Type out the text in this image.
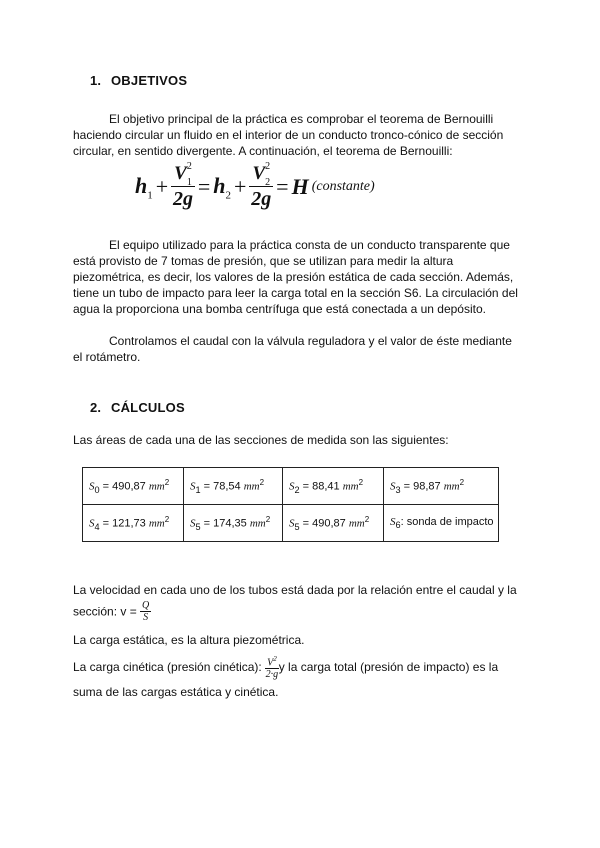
1. OBJETIVOS
El objetivo principal de la práctica es comprobar el teorema de Bernouilli haciendo circular un fluido en el interior de un conducto tronco-cónico de sección circular, en sentido divergente. A continuación, el teorema de Bernouilli:
$h_1 + V$ 2
1
$2g = h_2 + V$ 2
2
2g = H (constante)
El equipo utilizado para la práctica consta de un conducto transparente que está provisto de 7 tomas de presión, que se utilizan para medir la altura piezométrica, es decir, los valores de la presión estática de cada sección. Además, tiene un tubo de impacto para leer la carga total en la sección S6. La circulación del agua la proporciona una bomba centrífuga que está conectada a un depósito.
Controlamos el caudal con la válvula reguladora y el valor de éste mediante el rotámetro.
2. CÁLCULOS
Las áreas de cada una de las secciones de medida son las siguientes:
$S_0 = 490,87$ $mm^2$	$S_1 = 78,54$ $mm^2$	$S_2 = 88,41$ $mm^2$	$S_3 = 98,87$ $mm^2$
$S_4 = 121,73$ $mm^2$	$S_5 = 174,35$ $mm^2$	$S_5 = 490,87$ $mm^2$	$S_6$: sonda de impacto
La velocidad en cada uno de los tubos está dada por la relación entre el caudal y la
sección: $v = \frac{Q}{S}$
La carga estática, es la altura piezométrica.
La carga cinética (presión cinética): $\frac{V^2}{2\cdot g}$ y la carga total (presión de impacto) es la
suma de las cargas estática y cinética.
